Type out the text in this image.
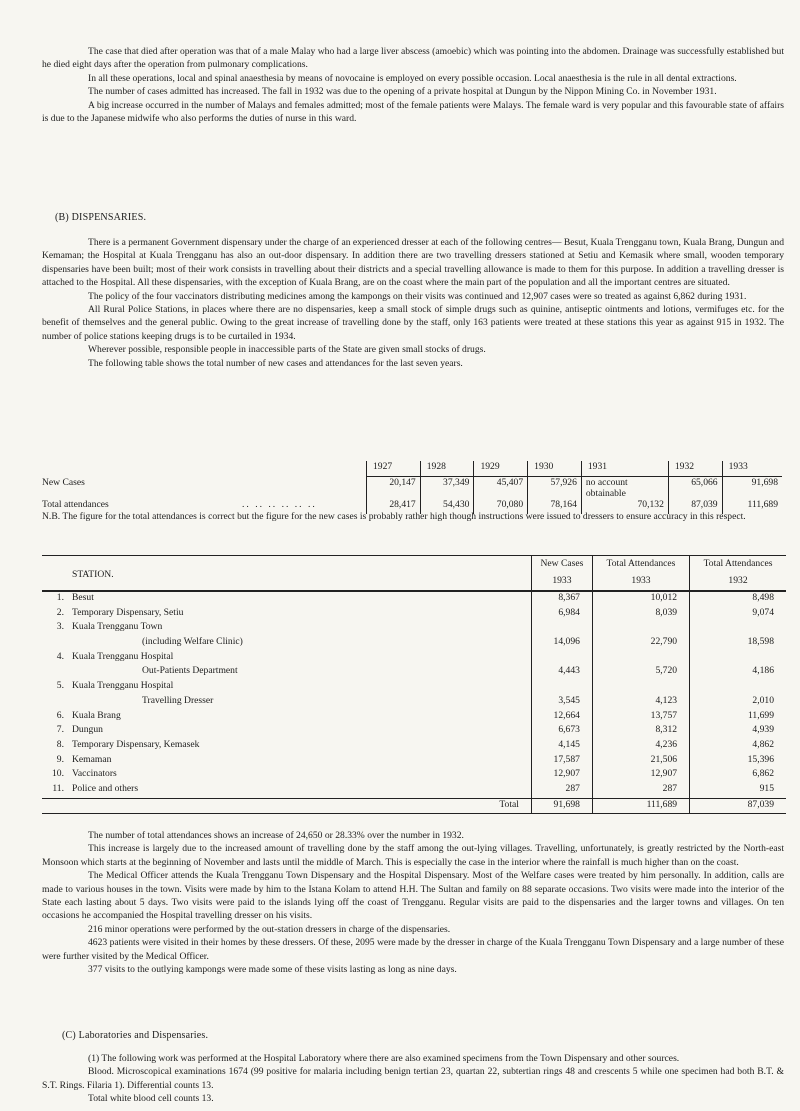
The case that died after operation was that of a male Malay who had a large liver abscess (amoebic) which was pointing into the abdomen. Drainage was successfully established but he died eight days after the operation from pulmonary complications.

In all these operations, local and spinal anaesthesia by means of novocaine is employed on every possible occasion. Local anaesthesia is the rule in all dental extractions.

The number of cases admitted has increased. The fall in 1932 was due to the opening of a private hospital at Dungun by the Nippon Mining Co. in November 1931.

A big increase occurred in the number of Malays and females admitted; most of the female patients were Malays. The female ward is very popular and this favourable state of affairs is due to the Japanese midwife who also performs the duties of nurse in this ward.

(B) DISPENSARIES.

There is a permanent Government dispensary under the charge of an experienced dresser at each of the following centres— Besut, Kuala Trengganu town, Kuala Brang, Dungun and Kemaman; the Hospital at Kuala Trengganu has also an out-door dispensary. In addition there are two travelling dressers stationed at Setiu and Kemasik where small, wooden temporary dispensaries have been built; most of their work consists in travelling about their districts and a special travelling allowance is made to them for this purpose. In addition a travelling dresser is attached to the Hospital. All these dispensaries, with the exception of Kuala Brang, are on the coast where the main part of the population and all the important centres are situated.

The policy of the four vaccinators distributing medicines among the kampongs on their visits was continued and 12,907 cases were so treated as against 6,862 during 1931.

All Rural Police Stations, in places where there are no dispensaries, keep a small stock of simple drugs such as quinine, antiseptic ointments and lotions, vermifuges etc. for the benefit of themselves and the general public. Owing to the great increase of travelling done by the staff, only 163 patients were treated at these stations this year as against 915 in 1932. The number of police stations keeping drugs is to be curtailed in 1934.

Wherever possible, responsible people in inaccessible parts of the State are given small stocks of drugs.

The following table shows the total number of new cases and attendances for the last seven years.

		1927	1928	1929	1930	1931	1932	1933
New Cases		20,147	37,349	45,407	57,926	no account obtainable	65,066	91,698
Total attendances	.. .. .. .. .. ..	28,417	54,430	70,080	78,164	70,132	87,039	111,689

N.B. The figure for the total attendances is correct but the figure for the new cases is probably rather high though instructions were issued to dressers to ensure accuracy in this respect.

STATION.		New Cases	Total Attendances	Total Attendances
		1933	1933	1932
1.	Besut	8,367	10,012	8,498
2.	Temporary Dispensary, Setiu	6,984	8,039	9,074
3.	Kuala Trengganu Town			
	(including Welfare Clinic)	14,096	22,790	18,598
4.	Kuala Trengganu Hospital			
	Out-Patients Department	4,443	5,720	4,186
5.	Kuala Trengganu Hospital			
	Travelling Dresser	3,545	4,123	2,010
6.	Kuala Brang	12,664	13,757	11,699
7.	Dungun	6,673	8,312	4,939
8.	Temporary Dispensary, Kemasek	4,145	4,236	4,862
9.	Kemaman	17,587	21,506	15,396
10.	Vaccinators	12,907	12,907	6,862
11.	Police and others	287	287	915
	Total	91,698	111,689	87,039

The number of total attendances shows an increase of 24,650 or 28.33% over the number in 1932.

This increase is largely due to the increased amount of travelling done by the staff among the out-lying villages. Travelling, unfortunately, is greatly restricted by the North-east Monsoon which starts at the beginning of November and lasts until the middle of March. This is especially the case in the interior where the rainfall is much higher than on the coast.

The Medical Officer attends the Kuala Trengganu Town Dispensary and the Hospital Dispensary. Most of the Welfare cases were treated by him personally. In addition, calls are made to various houses in the town. Visits were made by him to the Istana Kolam to attend H.H. The Sultan and family on 88 separate occasions. Two visits were made into the interior of the State each lasting about 5 days. Two visits were paid to the islands lying off the coast of Trengganu. Regular visits are paid to the dispensaries and the larger towns and villages. On ten occasions he accompanied the Hospital travelling dresser on his visits.

216 minor operations were performed by the out-station dressers in charge of the dispensaries.

4623 patients were visited in their homes by these dressers. Of these, 2095 were made by the dresser in charge of the Kuala Trengganu Town Dispensary and a large number of these were further visited by the Medical Officer.

377 visits to the outlying kampongs were made some of these visits lasting as long as nine days.

(C) Laboratories and Dispensaries.

(1) The following work was performed at the Hospital Laboratory where there are also examined specimens from the Town Dispensary and other sources.

Blood. Microscopical examinations 1674 (99 positive for malaria including benign tertian 23, quartan 22, subtertian rings 48 and crescents 5 while one specimen had both B.T. & S.T. Rings. Filaria 1). Differential counts 13.

Total white blood cell counts 13.
